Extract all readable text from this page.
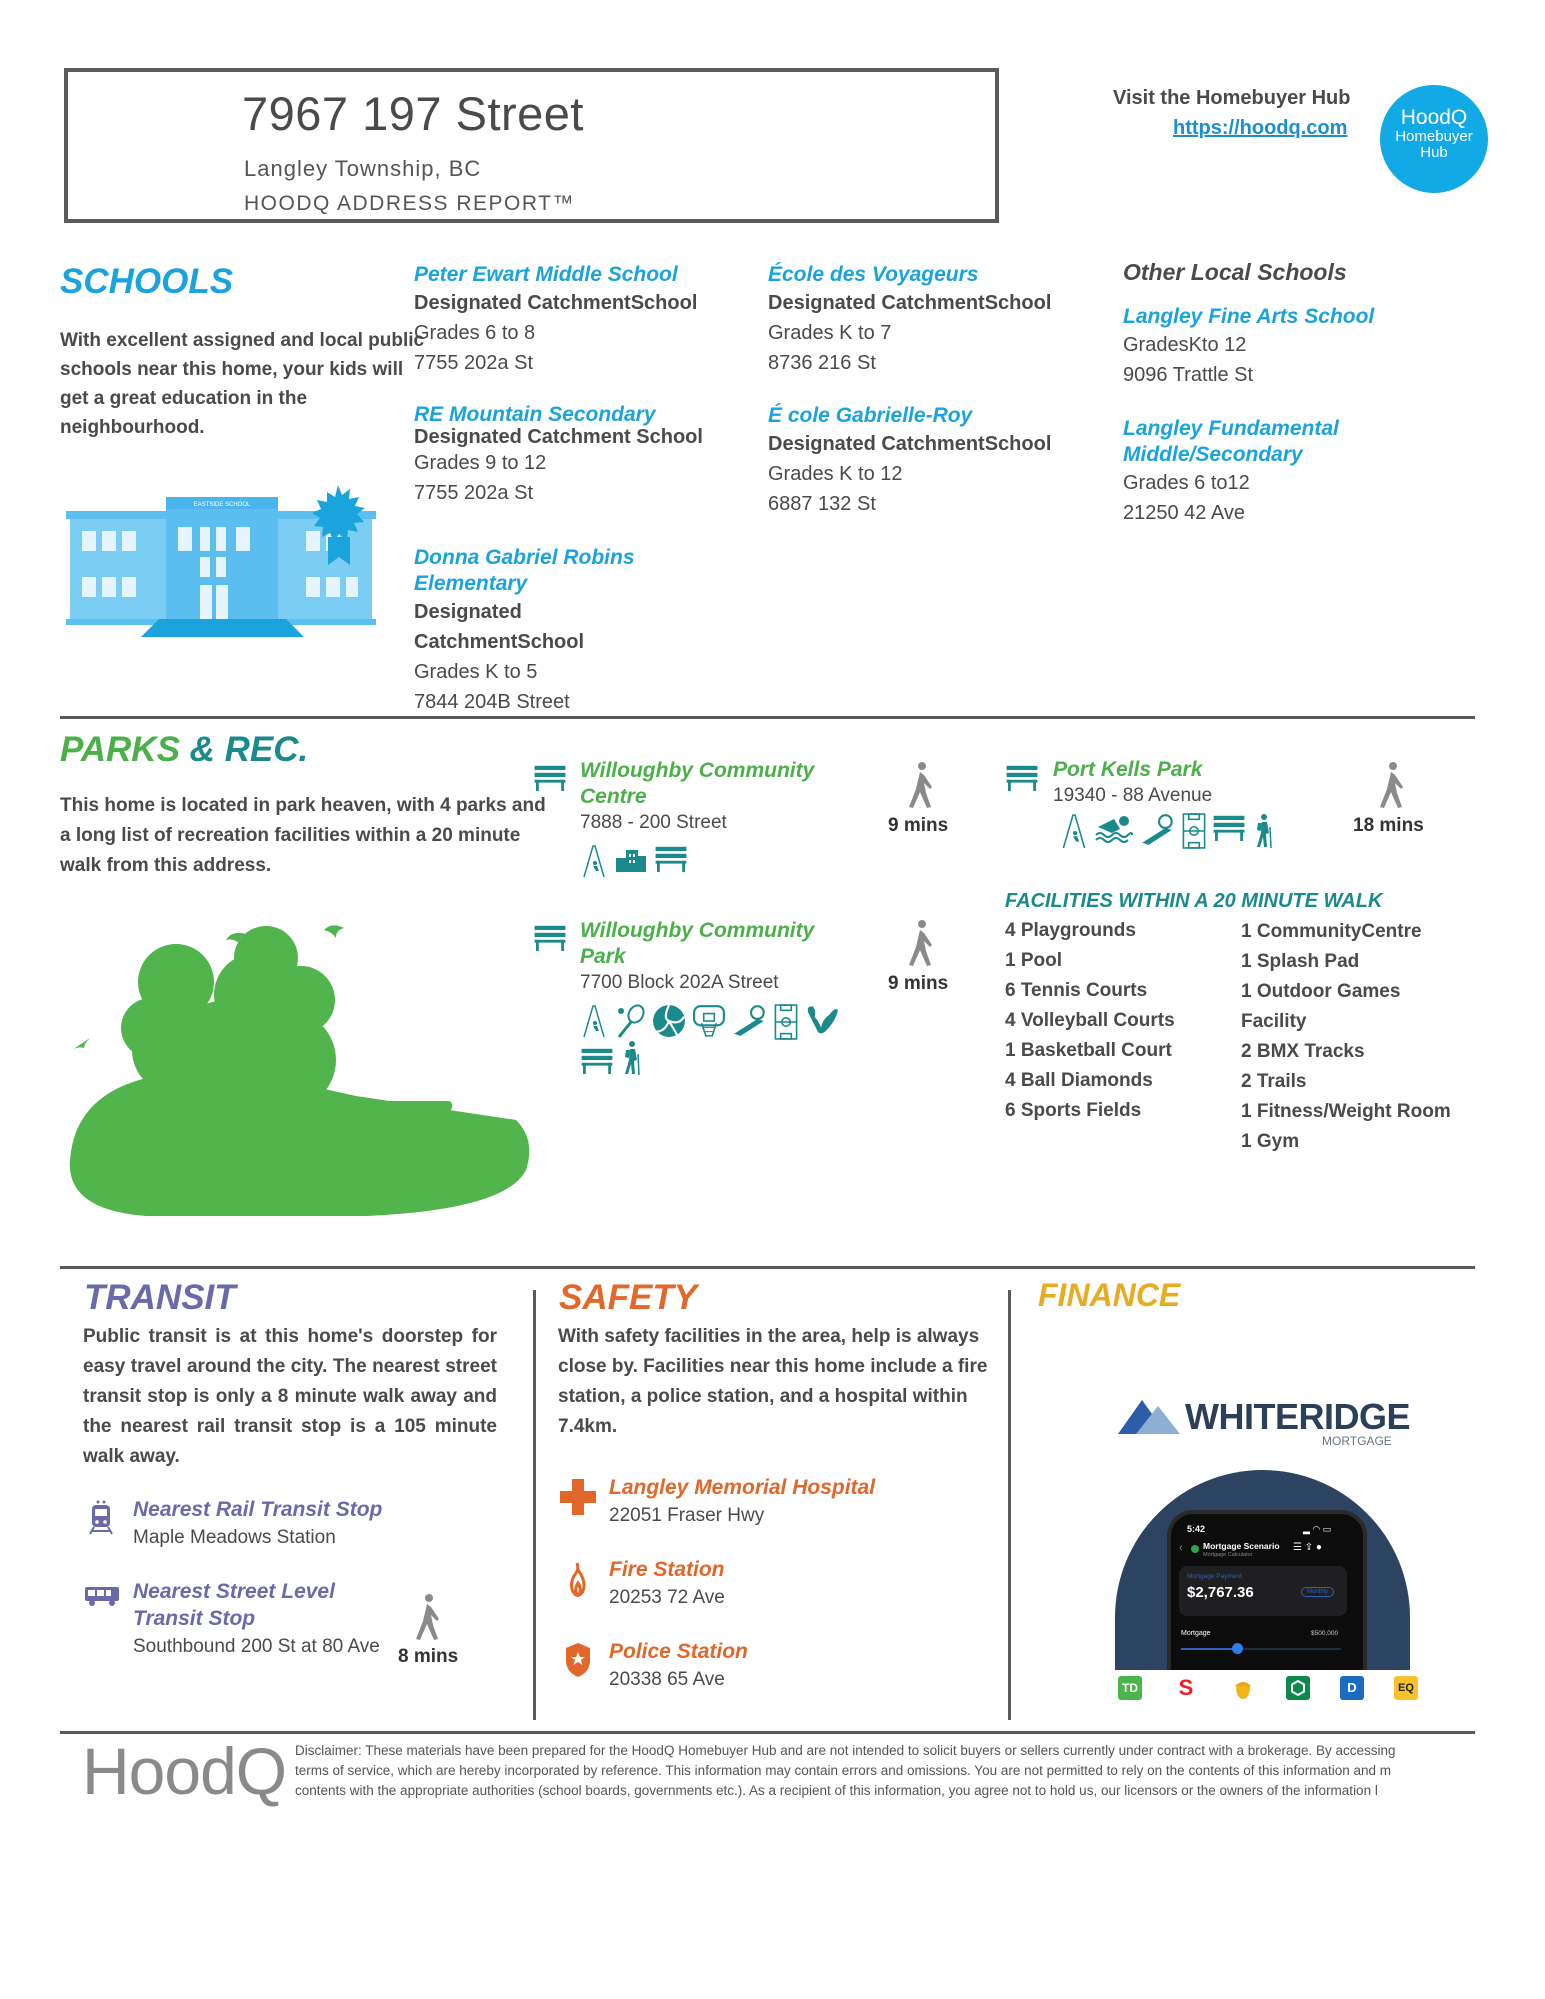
7967 197 Street
Langley Township, BC
HOODQ ADDRESS REPORT™
Visit the Homebuyer Hub
https://hoodq.com	HoodQ
Homebuyer
Hub
SCHOOLS
With excellent assigned and local public schools near this home, your kids will get a great education in the neighbourhood.
EASTSIDE SCHOOL
Peter Ewart Middle School
Designated CatchmentSchool
Grades 6 to 8
7755 202a St
RE Mountain Secondary
Designated Catchment School
Grades 9 to 12
7755 202a St
Donna Gabriel Robins Elementary
Designated CatchmentSchool
Grades K to 5
7844 204B Street
École des Voyageurs
Designated CatchmentSchool
Grades K to 7
8736 216 St
É cole Gabrielle-Roy
Designated CatchmentSchool
Grades K to 12
6887 132 St
Other Local Schools
Langley Fine Arts School
GradesKto 12
9096 Trattle St
Langley Fundamental Middle/Secondary
Grades 6 to12
21250 42 Ave
PARKS & REC.
This home is located in park heaven, with 4 parks and a long list of recreation facilities within a 20 minute walk from this address.
Willoughby Community Centre
7888 - 200 Street	9 mins
Willoughby Community Park
7700 Block 202A Street	9 mins
Port Kells Park
19340 - 88 Avenue
18 mins
FACILITIES WITHIN A 20 MINUTE WALK
4 Playgrounds
1 Pool
6 Tennis Courts
4 Volleyball Courts
1 Basketball Court
4 Ball Diamonds
6 Sports Fields
1 CommunityCentre
1 Splash Pad
1 Outdoor Games
Facility
2 BMX Tracks
2 Trails
1 Fitness/Weight Room
1 Gym
TRANSIT
Public transit is at this home's doorstep for easy travel around the city. The nearest street transit stop is only a 8 minute walk away and the nearest rail transit stop is a 105 minute walk away.
Nearest Rail Transit Stop
Maple Meadows Station
Nearest Street Level Transit Stop
Southbound 200 St at 80 Ave 8 mins
SAFETY
With safety facilities in the area, help is always close by. Facilities near this home include a fire station, a police station, and a hospital within 7.4km.
Langley Memorial Hospital
22051 Fraser Hwy
Fire Station
20253 72 Ave
Police Station
20338 65 Ave
FINANCE
WHITERIDGE
MORTGAGE
5:42	▂ ◠ ▭
‹ Mortgage Scenario
Mortgage Calculator
☰ ⇪ ●
Mortgage Payment
$2,767.36	Monthly
Mortgage	$500,000
TD S	D	EQ
HoodQ Disclaimer: These materials have been prepared for the HoodQ Homebuyer Hub and are not intended to solicit buyers or sellers currently under contract with a brokerage. By accessing
terms of service, which are hereby incorporated by reference. This information may contain errors and omissions. You are not permitted to rely on the contents of this information and m
contents with the appropriate authorities (school boards, governments etc.). As a recipient of this information, you agree not to hold us, our licensors or the owners of the information l
